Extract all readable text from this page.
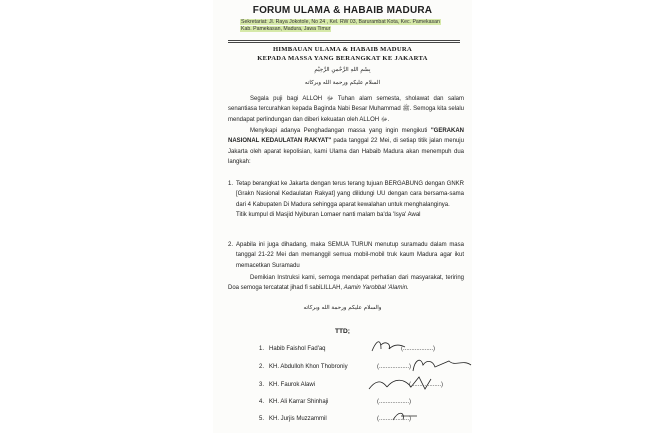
FORUM ULAMA & HABAIB MADURA
Sekretariat: Jl. Raya Jokotole, No 24 , Kel. RW 03, Barurambat Kota, Kec. Pamekasan
Kab. Pamekasan, Madura, Jawa Timur
HIMBAUAN ULAMA & HABAIB MADURA
KEPADA MASSA YANG BERANGKAT KE JAKARTA
بِسْمِ اللهِ الرَّحْمنِ الرَّحِيْمِ
السلام عليكم ورحمة الله وبركاته
Segala puji bagi ALLOH ﷻ Tuhan alam semesta, sholawat dan salam senantiasa tercurahkan kepada Baginda Nabi Besar Muhammad ﷺ. Semoga kita selalu mendapat perlindungan dan diberi kekuatan oleh ALLOH ﷻ.
Menyikapi adanya Penghadangan massa yang ingin mengikuti "GERAKAN NASIONAL KEDAULATAN RAKYAT" pada tanggal 22 Mei, di setiap titik jalan menuju Jakarta oleh aparat kepolisian, kami Ulama dan Habaib Madura akan menempuh dua langkah:
1. Tetap berangkat ke Jakarta dengan terus terang tujuan BERGABUNG dengan GNKR [Grakn Nasional Kedaulatan Rakyat] yang dilidungi UU dengan cara bersama-sama dari 4 Kabupaten Di Madura sehingga aparat kewalahan untuk menghalanginya.
Titik kumpul di Masjid Nyiburan Lomaer nanti malam ba'da 'Isya' Awal
2. Apabila ini juga dihadang, maka SEMUA TURUN menutup suramadu dalam masa tanggal 21-22 Mei dan memanggil semua mobil-mobil truk kaum Madura agar ikut memacetkan Suramadu
Demikian Instruksi kami, semoga mendapat perhatian dari masyarakat, teriring Doa semoga tercatatat jihad fi sabiLILLAH, Aamin Yarobbal 'Alamin.
والسلام عليكم ورحمة الله وبركاته
TTD;
1. Habib Faishol Fad'aq	(..................)
2. KH. Abdulloh Khon Thobroniy	(..................)
3. KH. Faurok Alawi	(..................)
4. KH. Ali Karrar Shinhaji	(..................)
5. KH. Jurjis Muzzammil	(..................)
